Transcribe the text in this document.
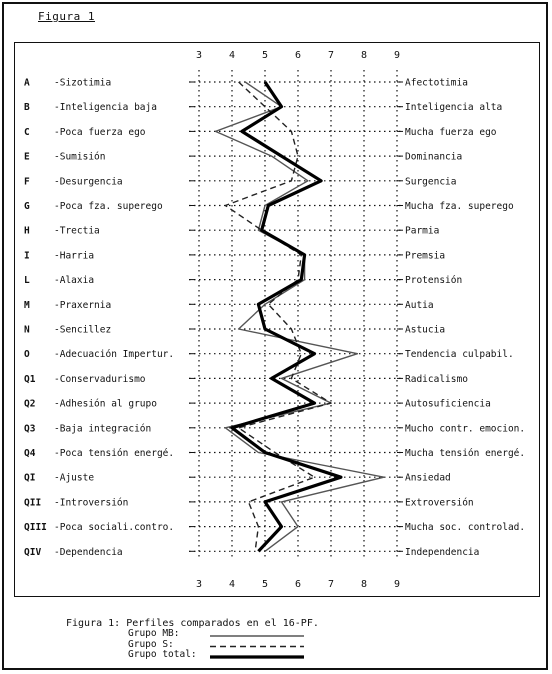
Figura 1
3
3
4
4
5
5
6
6
7
7
8
8
9
9
A	-Sizotimia	Afectotimia
B	-Inteligencia baja	Inteligencia alta
C	-Poca fuerza ego	Mucha fuerza ego
E	-Sumisión	Dominancia
F	-Desurgencia	Surgencia
G	-Poca fza. superego	Mucha fza. superego
H	-Trectia	Parmia
I	-Harria	Premsia
L	-Alaxia	Protensión
M	-Praxernia	Autia
N	-Sencillez	Astucia
O	-Adecuación Impertur.	Tendencia culpabil.
Q1 -Conservadurismo	Radicalismo
Q2 -Adhesión al grupo	Autosuficiencia
Q3 -Baja integración	Mucho contr. emocion.
Q4 -Poca tensión energé.	Mucha tensión energé.
QI -Ajuste	Ansiedad
QII -Introversión	Extroversión
QIII -Poca sociali.contro.	Mucha soc. controlad.
QIV -Dependencia	Independencia
Figura 1: Perfiles comparados en el 16-PF.
Grupo MB:
Grupo S:
Grupo total:
